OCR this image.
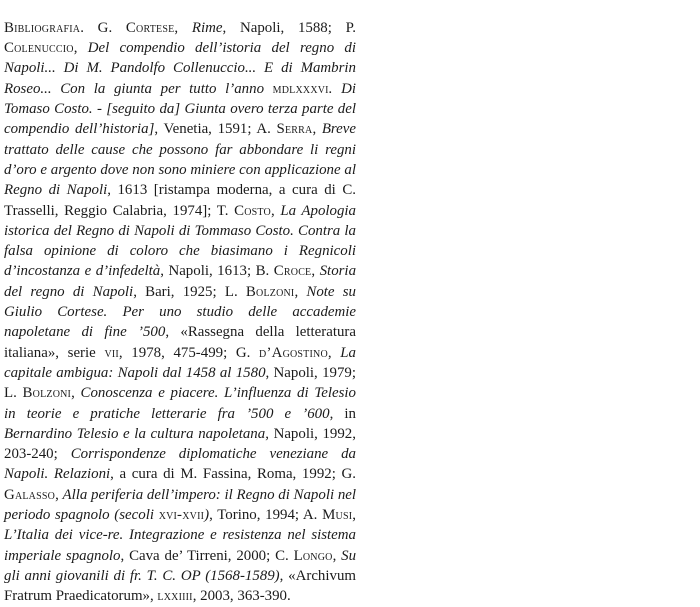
Bibliografia. G. Cortese, Rime, Napoli, 1588; P. Colenuccio, Del compendio dell’istoria del regno di Napoli... Di M. Pandolfo Collenuccio... E di Mambrin Roseo... Con la giunta per tutto l’anno mdlxxxvi. Di Tomaso Costo. - [seguito da] Giunta overo terza parte del compendio dell’historia], Venetia, 1591; A. Serra, Breve trattato delle cause che possono far abbondare li regni d’oro e argento dove non sono miniere con applicazione al Regno di Napoli, 1613 [ristampa moderna, a cura di C. Trasselli, Reggio Calabria, 1974]; T. Costo, La Apologia istorica del Regno di Napoli di Tommaso Costo. Contra la falsa opinione di coloro che biasimano i Regnicoli d’incostanza e d’infedeltà, Napoli, 1613; B. Croce, Storia del regno di Napoli, Bari, 1925; L. Bolzoni, Note su Giulio Cortese. Per uno studio delle accademie napoletane di fine ’500, «Rassegna della letteratura italiana», serie vii, 1978, 475-499; G. d’Agostino, La capitale ambigua: Napoli dal 1458 al 1580, Napoli, 1979; L. Bolzoni, Conoscenza e piacere. L’influenza di Telesio in teorie e pratiche letterarie fra ’500 e ’600, in Bernardino Telesio e la cultura napoletana, Napoli, 1992, 203-240; Corrispondenze diplomatiche veneziane da Napoli. Relazioni, a cura di M. Fassina, Roma, 1992; G. Galasso, Alla periferia dell’impero: il Regno di Napoli nel periodo spagnolo (secoli xvi-xvii), Torino, 1994; A. Musi, L’Italia dei vice-re. Integrazione e resistenza nel sistema imperiale spagnolo, Cava de’ Tirreni, 2000; C. Longo, Su gli anni giovanili di fr. T. C. OP (1568-1589), «Archivum Fratrum Praedicatorum», lxxiiii, 2003, 363-390.
